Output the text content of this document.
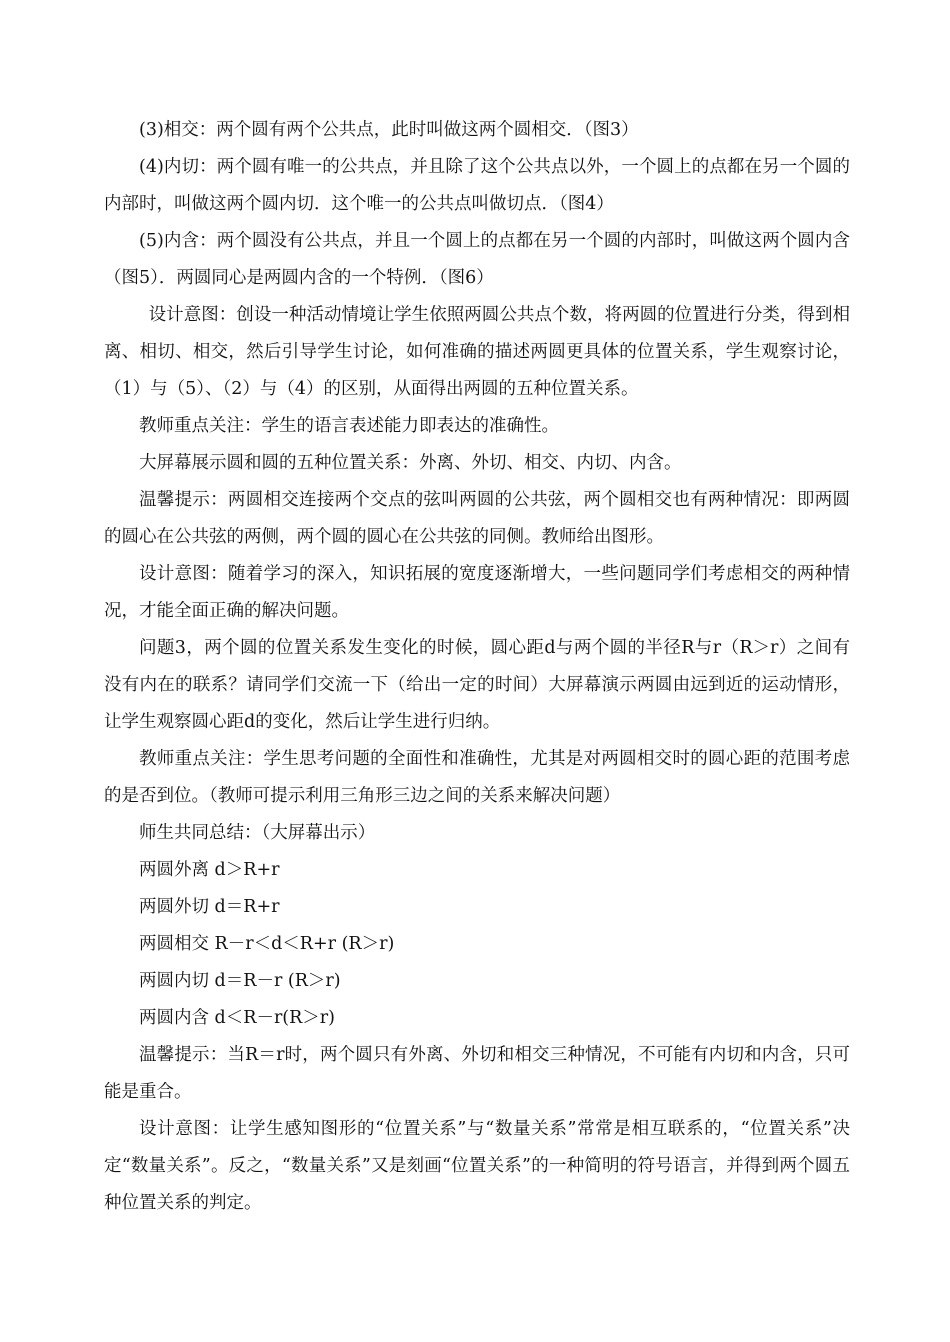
(3)相交：两个圆有两个公共点，此时叫做这两个圆相交．（图3）

(4)内切：两个圆有唯一的公共点，并且除了这个公共点以外，一个圆上的点都在另一个圆的内部时，叫做这两个圆内切．这个唯一的公共点叫做切点．（图4）

(5)内含：两个圆没有公共点，并且一个圆上的点都在另一个圆的内部时，叫做这两个圆内含（图5）．两圆同心是两圆内含的一个特例．（图6）

设计意图：创设一种活动情境让学生依照两圆公共点个数，将两圆的位置进行分类，得到相离、相切、相交，然后引导学生讨论，如何准确的描述两圆更具体的位置关系，学生观察讨论，（1）与（5）、（2）与（4）的区别，从面得出两圆的五种位置关系。

教师重点关注：学生的语言表述能力即表达的准确性。

大屏幕展示圆和圆的五种位置关系：外离、外切、相交、内切、内含。

温馨提示：两圆相交连接两个交点的弦叫两圆的公共弦，两个圆相交也有两种情况：即两圆的圆心在公共弦的两侧，两个圆的圆心在公共弦的同侧。教师给出图形。

设计意图：随着学习的深入，知识拓展的宽度逐渐增大，一些问题同学们考虑相交的两种情况，才能全面正确的解决问题。

问题3，两个圆的位置关系发生变化的时候，圆心距d与两个圆的半径R与r（R＞r）之间有没有内在的联系？请同学们交流一下（给出一定的时间）大屏幕演示两圆由远到近的运动情形，让学生观察圆心距d的变化，然后让学生进行归纳。

教师重点关注：学生思考问题的全面性和准确性，尤其是对两圆相交时的圆心距的范围考虑的是否到位。（教师可提示利用三角形三边之间的关系来解决问题）

师生共同总结：（大屏幕出示）

两圆外离 d＞R+r

两圆外切 d＝R+r

两圆相交 R－r＜d＜R+r (R＞r)

两圆内切 d＝R－r (R＞r)

两圆内含 d＜R－r(R＞r)

温馨提示：当R＝r时，两个圆只有外离、外切和相交三种情况，不可能有内切和内含，只可能是重合。

设计意图：让学生感知图形的“位置关系”与“数量关系”常常是相互联系的，“位置关系”决定“数量关系”。反之，“数量关系”又是刻画“位置关系”的一种简明的符号语言，并得到两个圆五种位置关系的判定。
